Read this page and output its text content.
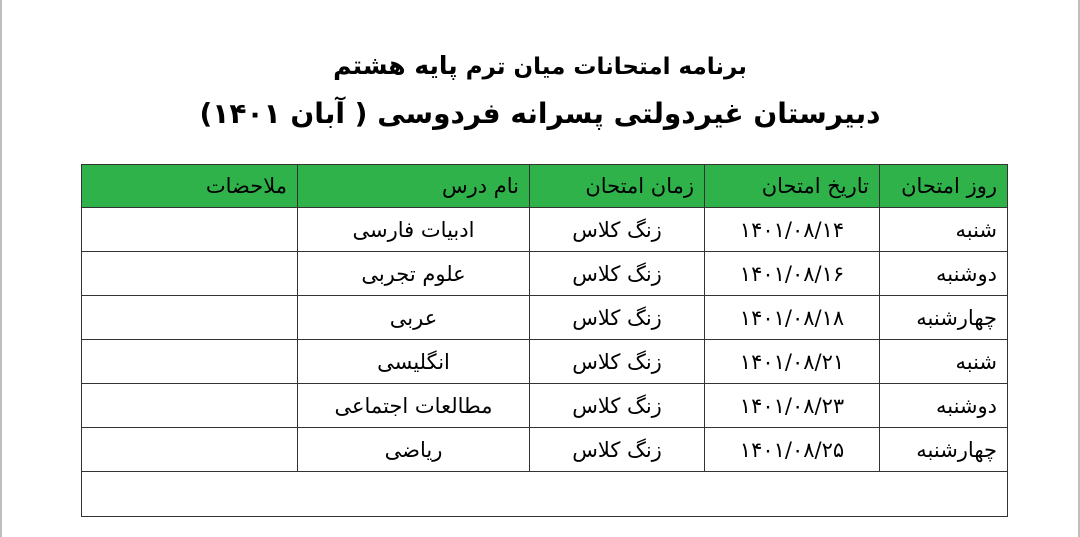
برنامه امتحانات میان ترم پایه هشتم
دبیرستان غیردولتی پسرانه فردوسی ( آبان ۱۴۰۱)
روز امتحان	تاریخ امتحان	زمان امتحان	نام درس	ملاحضات
شنبه	۱۴۰۱/۰۸/۱۴	زنگ کلاس	ادبیات فارسی	
دوشنبه	۱۴۰۱/۰۸/۱۶	زنگ کلاس	علوم تجربی	
چهارشنبه	۱۴۰۱/۰۸/۱۸	زنگ کلاس	عربی	
شنبه	۱۴۰۱/۰۸/۲۱	زنگ کلاس	انگلیسی	
دوشنبه	۱۴۰۱/۰۸/۲۳	زنگ کلاس	مطالعات اجتماعی	
چهارشنبه	۱۴۰۱/۰۸/۲۵	زنگ کلاس	ریاضی	
